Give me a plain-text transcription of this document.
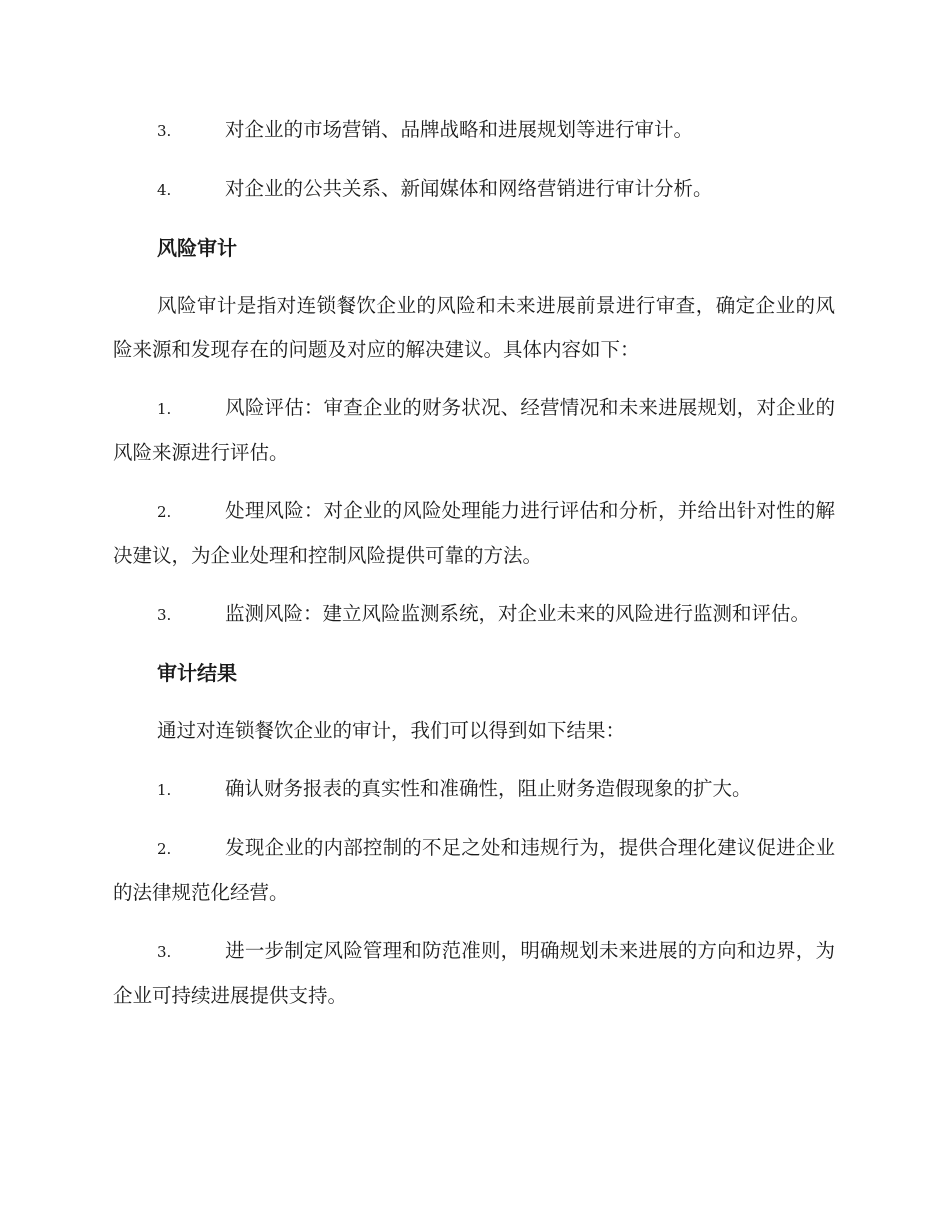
3.	对企业的市场营销、品牌战略和进展规划等进行审计。
4.	对企业的公共关系、新闻媒体和网络营销进行审计分析。
风险审计
风险审计是指对连锁餐饮企业的风险和未来进展前景进行审查，确定企业的风险来源和发现存在的问题及对应的解决建议。具体内容如下：
1.	风险评估：审查企业的财务状况、经营情况和未来进展规划，对企业的风险来源进行评估。
2.	处理风险：对企业的风险处理能力进行评估和分析，并给出针对性的解决建议，为企业处理和控制风险提供可靠的方法。
3.	监测风险：建立风险监测系统，对企业未来的风险进行监测和评估。
审计结果
通过对连锁餐饮企业的审计，我们可以得到如下结果：
1.	确认财务报表的真实性和准确性，阻止财务造假现象的扩大。
2.	发现企业的内部控制的不足之处和违规行为，提供合理化建议促进企业的法律规范化经营。
3.	进一步制定风险管理和防范准则，明确规划未来进展的方向和边界，为企业可持续进展提供支持。
